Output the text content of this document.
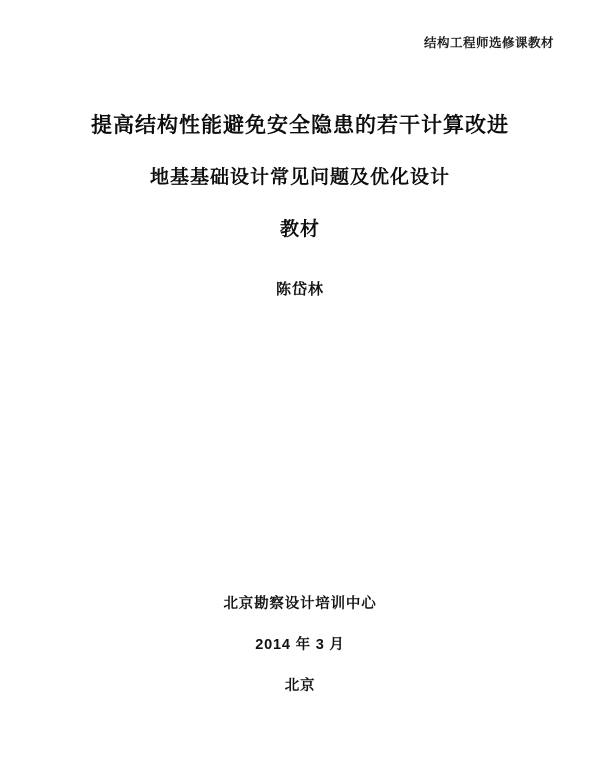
结构工程师选修课教材
提高结构性能避免安全隐患的若干计算改进
地基基础设计常见问题及优化设计
教材
陈岱林
北京勘察设计培训中心
2014 年 3 月
北京
